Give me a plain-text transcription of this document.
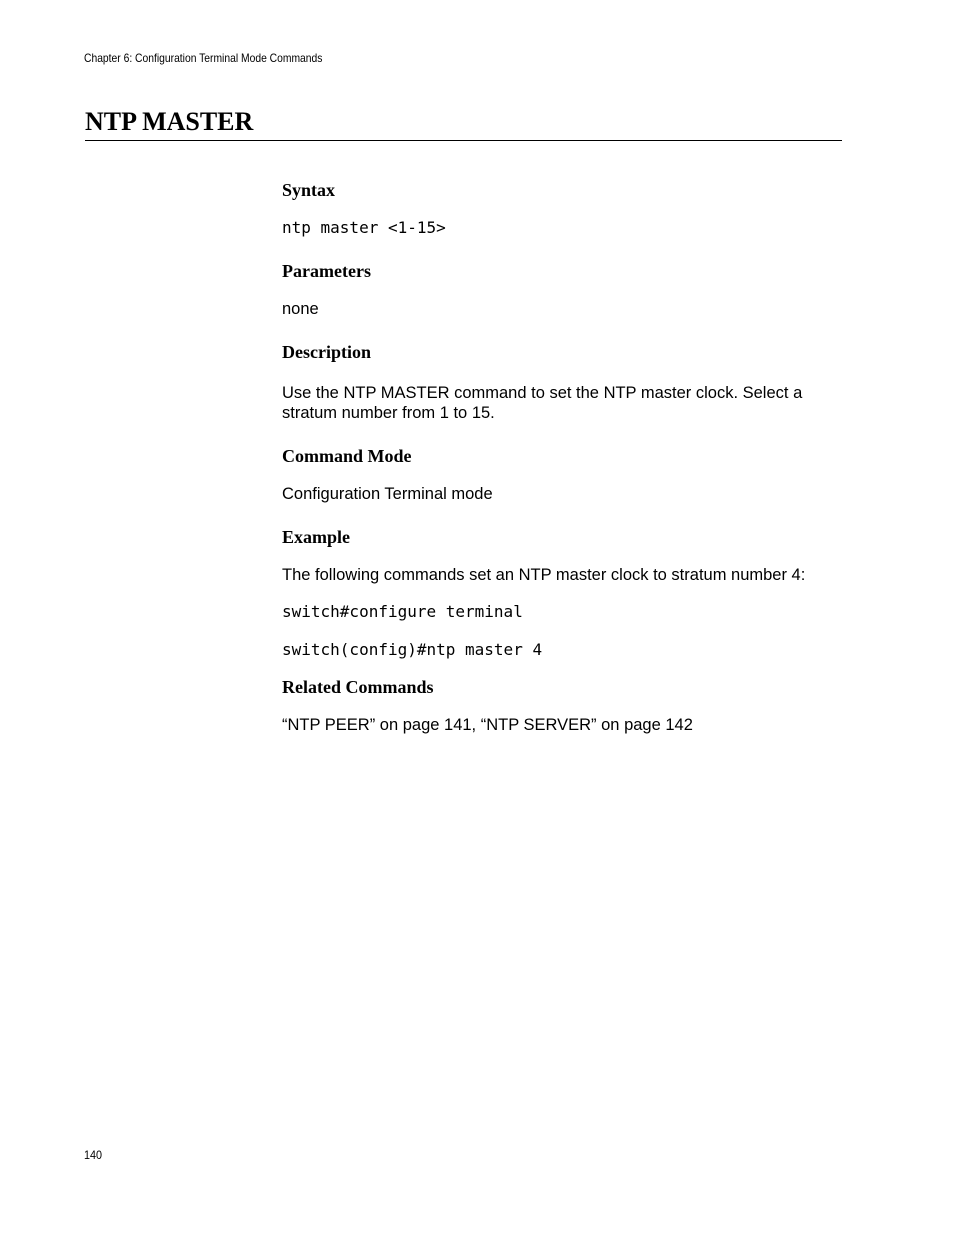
Chapter 6: Configuration Terminal Mode Commands
NTP MASTER
Syntax

ntp master <1-15>

Parameters

none

Description

Use the NTP MASTER command to set the NTP master clock. Select a stratum number from 1 to 15.

Command Mode

Configuration Terminal mode

Example

The following commands set an NTP master clock to stratum number 4:

switch#configure terminal

switch(config)#ntp master 4

Related Commands

“NTP PEER” on page 141, “NTP SERVER” on page 142

140
